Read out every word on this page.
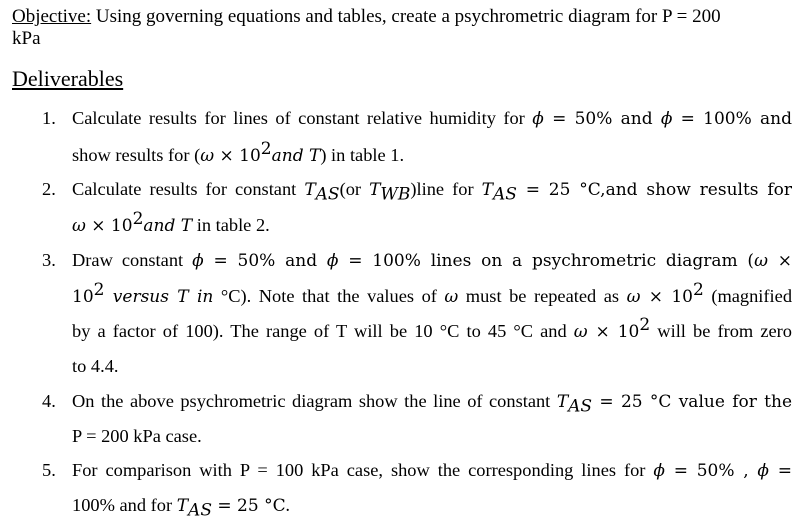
Objective: Using governing equations and tables, create a psychrometric diagram for P = 200
kPa
Deliverables
1. Calculate results for lines of constant relative humidity for ϕ = 50% and ϕ = 100% and
show results for ($\omega \times 10^2and$ T) in table 1.
2. Calculate results for constant $T_{AS}(or$ $T_{WB})line$ for $T_{AS} = 25$ °C,and show results for
$\omega \times 10^2and$ T in table 2.
3. Draw constant ϕ = 50% and ϕ = 100% lines on a psychrometric diagram (ω ×
$10^2$ versus T in °C). Note that the values of ω must be repeated as $\omega \times 10^2$ (magnified
by a factor of 100). The range of T will be 10 °C to 45 °C and $\omega \times 10^2$ will be from zero
to 4.4.
4. On the above psychrometric diagram show the line of constant $T_{AS} = 25$ °C value for the
P = 200 kPa case.
5. For comparison with P = 100 kPa case, show the corresponding lines for ϕ = 50% , ϕ =
100% and for $T_{AS} = 25$ °C.
